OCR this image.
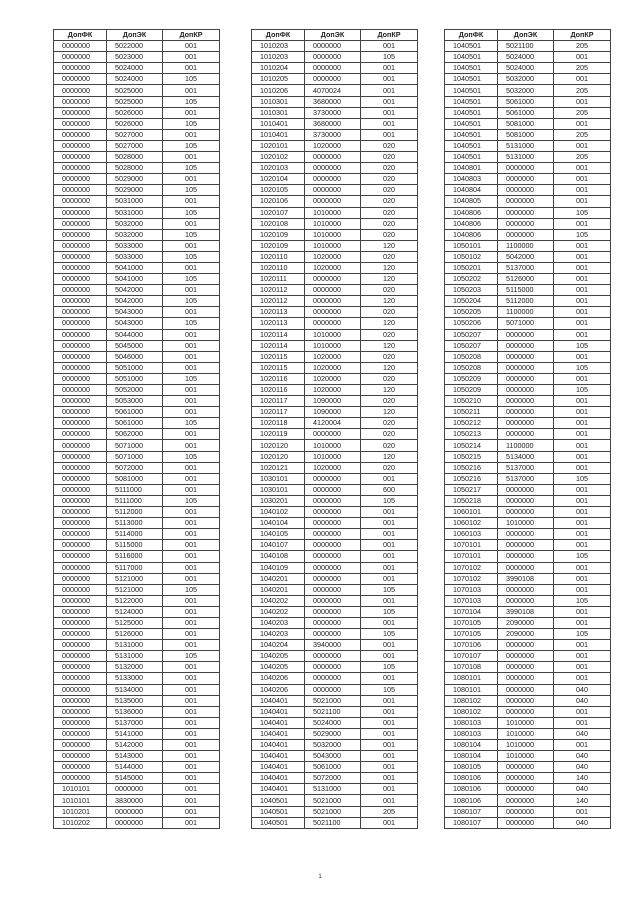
ДопФК	ДопЭК	ДопКР
0000000	5022000	001
0000000	5023000	001
0000000	5024000	001
0000000	5024000	105
0000000	5025000	001
0000000	5025000	105
0000000	5026000	001
0000000	5026000	105
0000000	5027000	001
0000000	5027000	105
0000000	5028000	001
0000000	5028000	105
0000000	5029000	001
0000000	5029000	105
0000000	5031000	001
0000000	5031000	105
0000000	5032000	001
0000000	5032000	105
0000000	5033000	001
0000000	5033000	105
0000000	5041000	001
0000000	5041000	105
0000000	5042000	001
0000000	5042000	105
0000000	5043000	001
0000000	5043000	105
0000000	5044000	001
0000000	5045000	001
0000000	5046000	001
0000000	5051000	001
0000000	5051000	105
0000000	5052000	001
0000000	5053000	001
0000000	5061000	001
0000000	5061000	105
0000000	5062000	001
0000000	5071000	001
0000000	5071000	105
0000000	5072000	001
0000000	5081000	001
0000000	5111000	001
0000000	5111000	105
0000000	5112000	001
0000000	5113000	001
0000000	5114000	001
0000000	5115000	001
0000000	5116000	001
0000000	5117000	001
0000000	5121000	001
0000000	5121000	105
0000000	5122000	001
0000000	5124000	001
0000000	5125000	001
0000000	5126000	001
0000000	5131000	001
0000000	5131000	105
0000000	5132000	001
0000000	5133000	001
0000000	5134000	001
0000000	5135000	001
0000000	5136000	001
0000000	5137000	001
0000000	5141000	001
0000000	5142000	001
0000000	5143000	001
0000000	5144000	001
0000000	5145000	001
1010101	0000000	001
1010101	3830000	001
1010201	0000000	001
1010202	0000000	001
ДопФК	ДопЭК	ДопКР
1010203	0000000	001
1010203	0000000	105
1010204	0000000	001
1010205	0000000	001
1010206	4070024	001
1010301	3680000	001
1010301	3730000	001
1010401	3680000	001
1010401	3730000	001
1020101	1020000	020
1020102	0000000	020
1020103	0000000	020
1020104	0000000	020
1020105	0000000	020
1020106	0000000	020
1020107	1010000	020
1020108	1010000	020
1020109	1010000	020
1020109	1010000	120
1020110	1020000	020
1020110	1020000	120
1020111	0000000	120
1020112	0000000	020
1020112	0000000	120
1020113	0000000	020
1020113	0000000	120
1020114	1010000	020
1020114	1010000	120
1020115	1020000	020
1020115	1020000	120
1020116	1020000	020
1020116	1020000	120
1020117	1090000	020
1020117	1090000	120
1020118	4120004	020
1020119	0000000	020
1020120	1010000	020
1020120	1010000	120
1020121	1020000	020
1030101	0000000	001
1030101	0000000	600
1030201	0000000	105
1040102	0000000	001
1040104	0000000	001
1040105	0000000	001
1040107	0000000	001
1040108	0000000	001
1040109	0000000	001
1040201	0000000	001
1040201	0000000	105
1040202	0000000	001
1040202	0000000	105
1040203	0000000	001
1040203	0000000	105
1040204	3940000	001
1040205	0000000	001
1040205	0000000	105
1040206	0000000	001
1040206	0000000	105
1040401	5021000	001
1040401	5021100	001
1040401	5024000	001
1040401	5029000	001
1040401	5032000	001
1040401	5043000	001
1040401	5061000	001
1040401	5072000	001
1040401	5131000	001
1040501	5021000	001
1040501	5021000	205
1040501	5021100	001
ДопФК	ДопЭК	ДопКР
1040501	5021100	205
1040501	5024000	001
1040501	5024000	205
1040501	5032000	001
1040501	5032000	205
1040501	5061000	001
1040501	5061000	205
1040501	5081000	001
1040501	5081000	205
1040501	5131000	001
1040501	5131000	205
1040801	0000000	001
1040803	0000000	001
1040804	0000000	001
1040805	0000000	001
1040806	0000000	105
1040806	0000000	001
1040806	0000000	105
1050101	1100000	001
1050102	5042000	001
1050201	5137000	001
1050202	5126000	001
1050203	5115000	001
1050204	5112000	001
1050205	1100000	001
1050206	5071000	001
1050207	0000000	001
1050207	0000000	105
1050208	0000000	001
1050208	0000000	105
1050209	0000000	001
1050209	0000000	105
1050210	0000000	001
1050211	0000000	001
1050212	0000000	001
1050213	0000000	001
1050214	1100000	001
1050215	5134000	001
1050216	5137000	001
1050216	5137000	105
1050217	0000000	001
1050218	0000000	001
1060101	0000000	001
1060102	1010000	001
1060103	0000000	001
1070101	0000000	001
1070101	0000000	105
1070102	0000000	001
1070102	3990108	001
1070103	0000000	001
1070103	0000000	105
1070104	3990108	001
1070105	2090000	001
1070105	2090000	105
1070106	0000000	001
1070107	0000000	001
1070108	0000000	001
1080101	0000000	001
1080101	0000000	040
1080102	0000000	040
1080102	0000000	001
1080103	1010000	001
1080103	1010000	040
1080104	1010000	001
1080104	1010000	040
1080105	0000000	040
1080106	0000000	140
1080106	0000000	040
1080106	0000000	140
1080107	0000000	001
1080107	0000000	040
1
